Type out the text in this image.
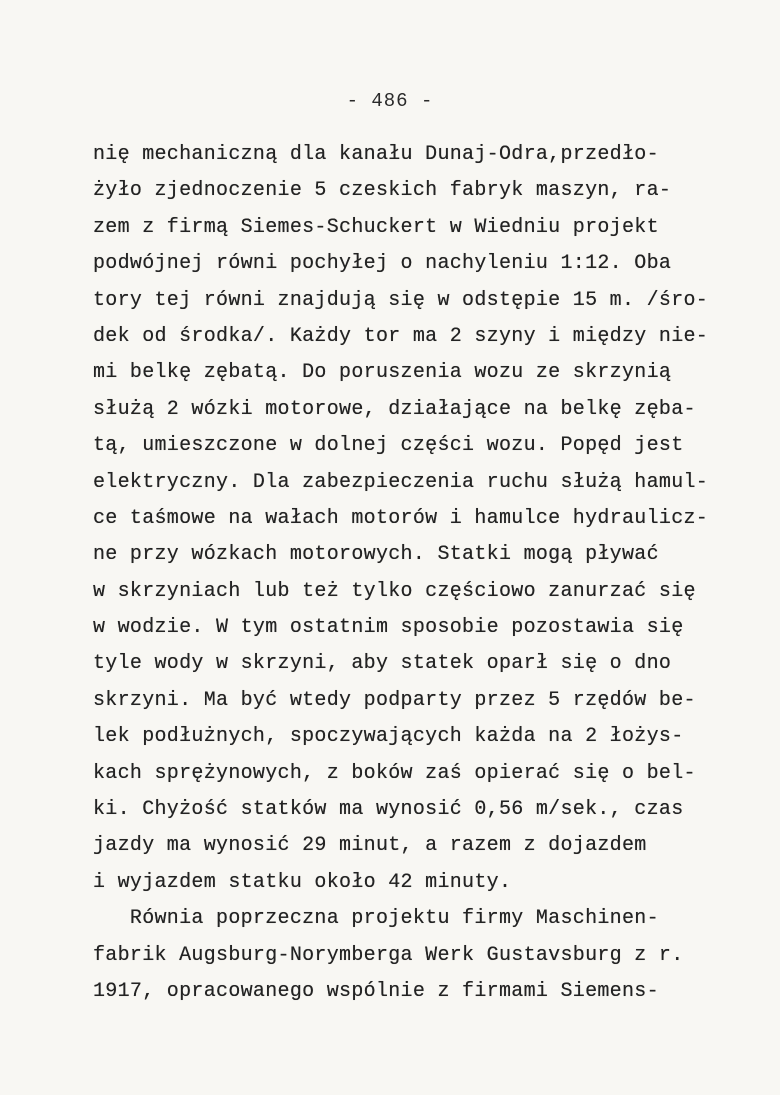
- 486 -
nię mechaniczną dla kanału Dunaj-Odra,przedło-
żyło zjednoczenie 5 czeskich fabryk maszyn, ra-
zem z firmą Siemes-Schuckert w Wiedniu projekt
podwójnej równi pochyłej o nachyleniu 1:12. Oba
tory tej równi znajdują się w odstępie 15 m. /śro-
dek od środka/. Każdy tor ma 2 szyny i między nie-
mi belkę zębatą. Do poruszenia wozu ze skrzynią
służą 2 wózki motorowe, działające na belkę zęba-
tą, umieszczone w dolnej części wozu. Popęd jest
elektryczny. Dla zabezpieczenia ruchu służą hamul-
ce taśmowe na wałach motorów i hamulce hydraulicz-
ne przy wózkach motorowych. Statki mogą pływać
w skrzyniach lub też tylko częściowo zanurzać się
w wodzie. W tym ostatnim sposobie pozostawia się
tyle wody w skrzyni, aby statek oparł się o dno
skrzyni. Ma być wtedy podparty przez 5 rzędów be-
lek podłużnych, spoczywających każda na 2 łożys-
kach sprężynowych, z boków zaś opierać się o bel-
ki. Chyżość statków ma wynosić 0,56 m/sek., czas
jazdy ma wynosić 29 minut, a razem z dojazdem
i wyjazdem statku około 42 minuty.
Równia poprzeczna projektu firmy Maschinen-
fabrik Augsburg-Norymberga Werk Gustavsburg z r.
1917, opracowanego wspólnie z firmami Siemens-
